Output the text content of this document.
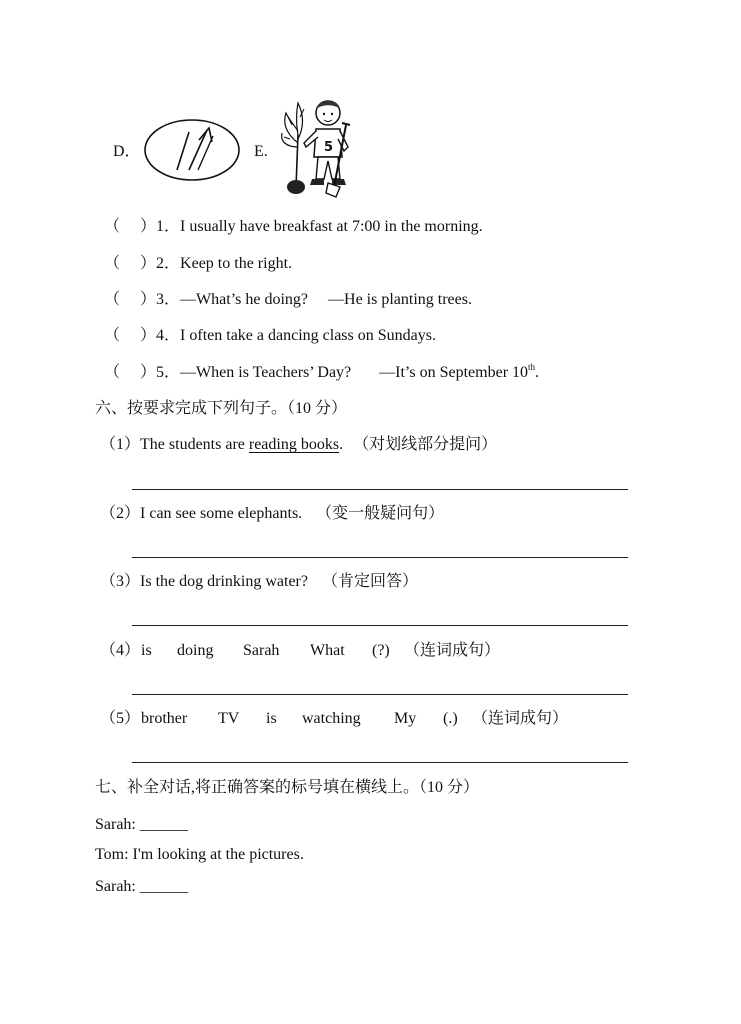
D．	E.	5
（ ）1．I usually have breakfast at 7:00 in the morning.
（ ）2．Keep to the right.
（ ）3．—What’s he doing? —He is planting trees.
（ ）4．I often take a dancing class on Sundays.
（ ）5．—When is Teachers’ Day? —It’s on September 10th.
六、按要求完成下列句子。（10 分）
（1）The students are reading books. （对划线部分提问）
（2）I can see some elephants. （变一般疑问句）
（3）Is the dog drinking water? （肯定回答）
（4） is doing Sarah What (?) （连词成句）
（5） brother TV is watching My (.) （连词成句）
七、补全对话,将正确答案的标号填在横线上。（10 分）
Sarah: ______
Tom: I'm looking at the pictures.
Sarah: ______
